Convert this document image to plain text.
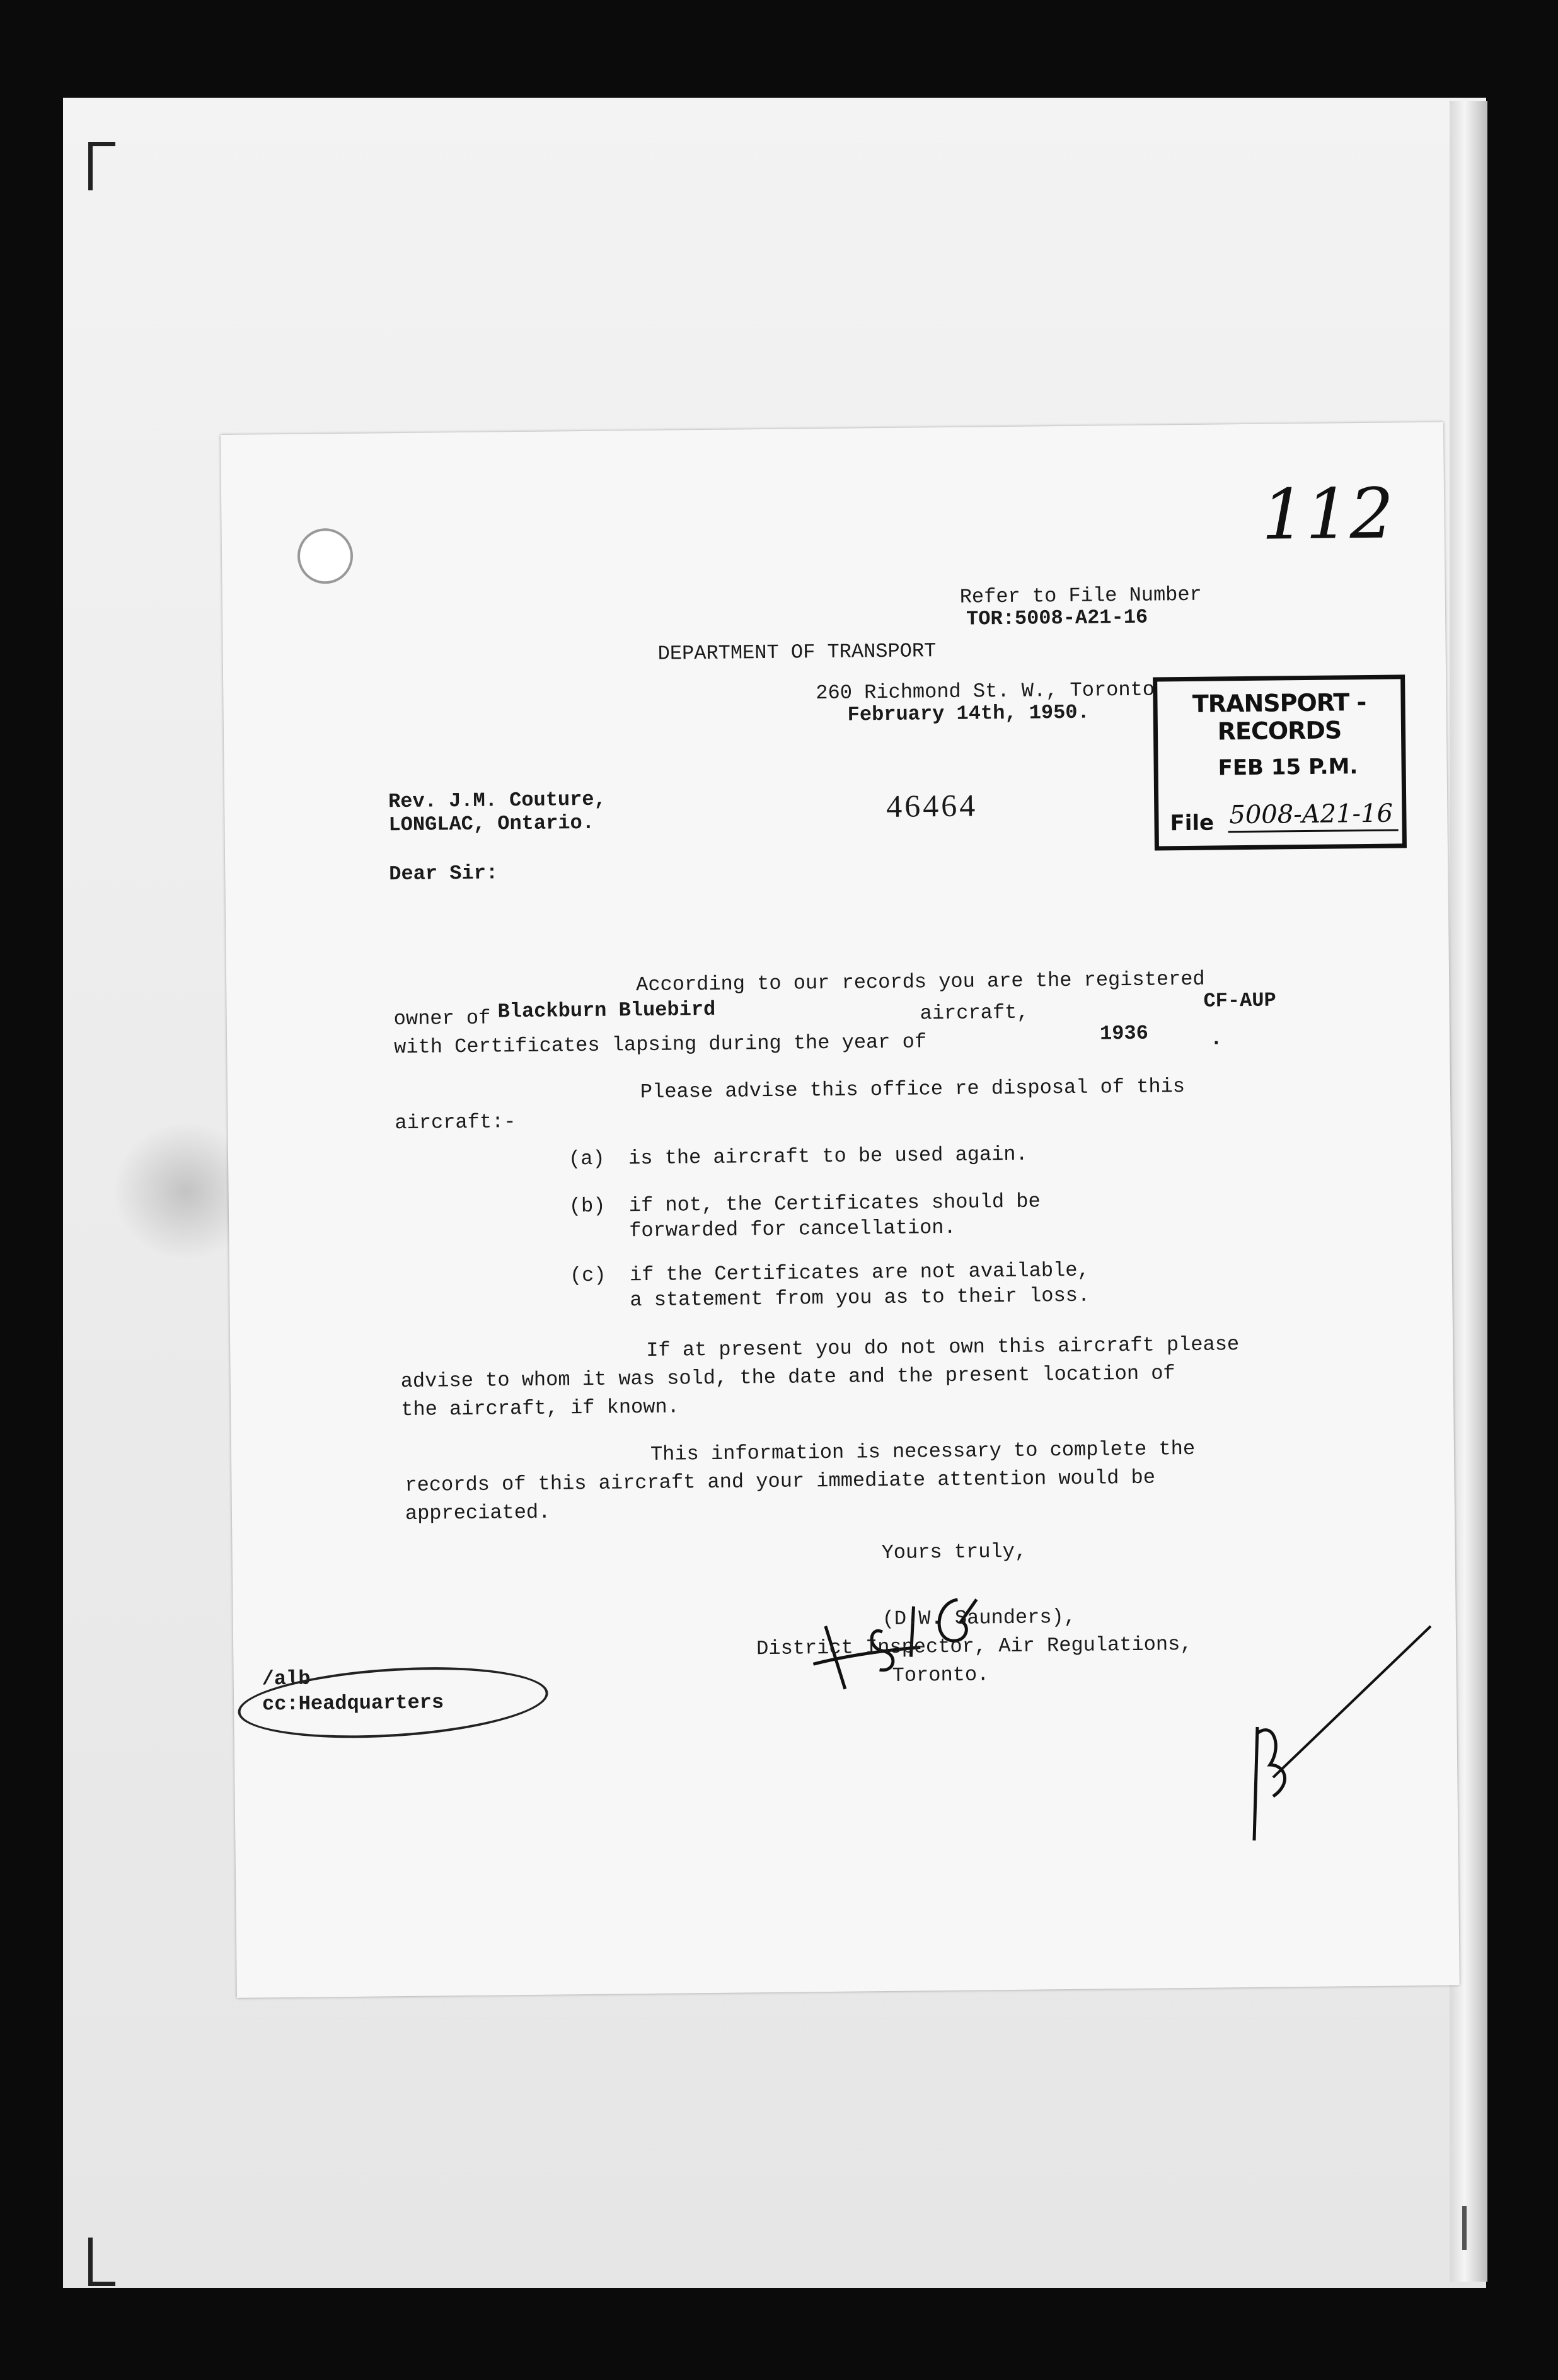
112
Refer to File Number
TOR:5008-A21-16
DEPARTMENT OF TRANSPORT
260 Richmond St. W., Toronto
February 14th, 1950.	TRANSPORT - RECORDS
FEB 15 P.M.
File 5008-A21-16
Rev. J.M. Couture,
LONGLAC, Ontario.
46464
Dear Sir:
According to our records you are the registered
owner of Blackburn Bluebird	aircraft,
CF-AUP
with Certificates lapsing during the year of	1936	.
Please advise this office re disposal of this
aircraft:-
(a) is the aircraft to be used again.
(b) if not, the Certificates should be
forwarded for cancellation.
(c) if the Certificates are not available,
a statement from you as to their loss.
If at present you do not own this aircraft please
advise to whom it was sold, the date and the present location of
the aircraft, if known.
This information is necessary to complete the
records of this aircraft and your immediate attention would be
appreciated.
Yours truly,
(D.W. Saunders),
District Inspector, Air Regulations,
Toronto.
/alb
cc:Headquarters
